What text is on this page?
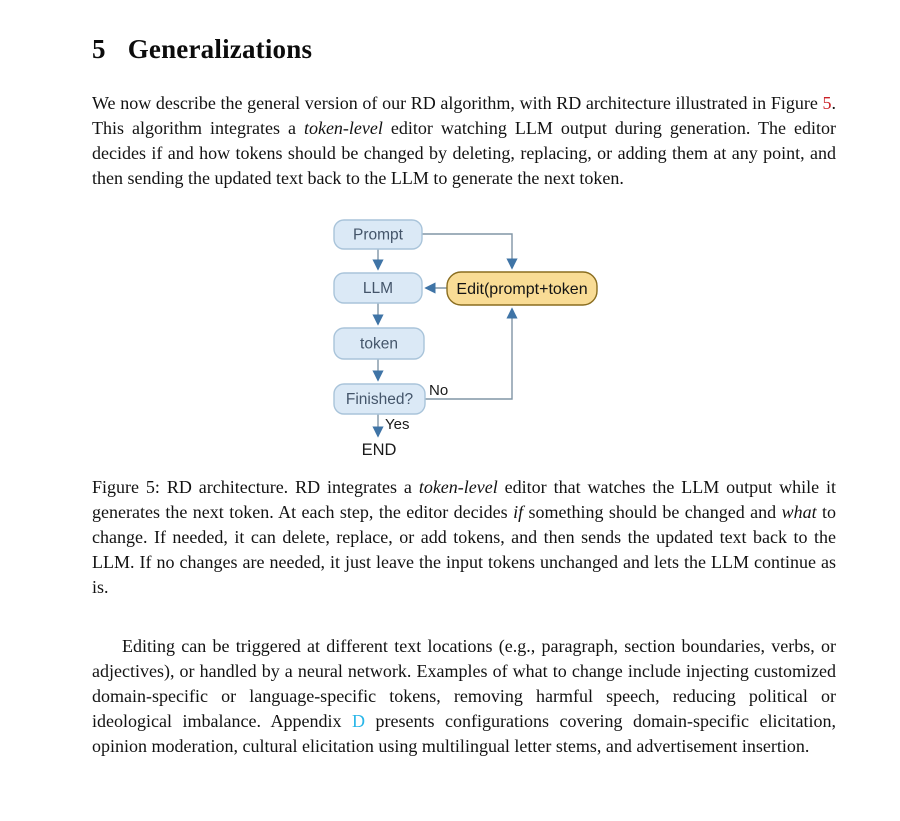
5 Generalizations

We now describe the general version of our RD algorithm, with RD architecture illustrated in Figure 5. This algorithm integrates a token-level editor watching LLM output during generation. The editor decides if and how tokens should be changed by deleting, replacing, or adding them at any point, and then sending the updated text back to the LLM to generate the next token.

Prompt
LLM
token
Finished?
Edit(prompt+token
No
Yes
END

Figure 5: RD architecture. RD integrates a token-level editor that watches the LLM output while it generates the next token. At each step, the editor decides if something should be changed and what to change. If needed, it can delete, replace, or add tokens, and then sends the updated text back to the LLM. If no changes are needed, it just leave the input tokens unchanged and lets the LLM continue as is.

Editing can be triggered at different text locations (e.g., paragraph, section boundaries, verbs, or adjectives), or handled by a neural network. Examples of what to change include injecting customized domain-specific or language-specific tokens, removing harmful speech, reducing political or ideological imbalance. Appendix D presents configurations covering domain-specific elicitation, opinion moderation, cultural elicitation using multilingual letter stems, and advertisement insertion.
